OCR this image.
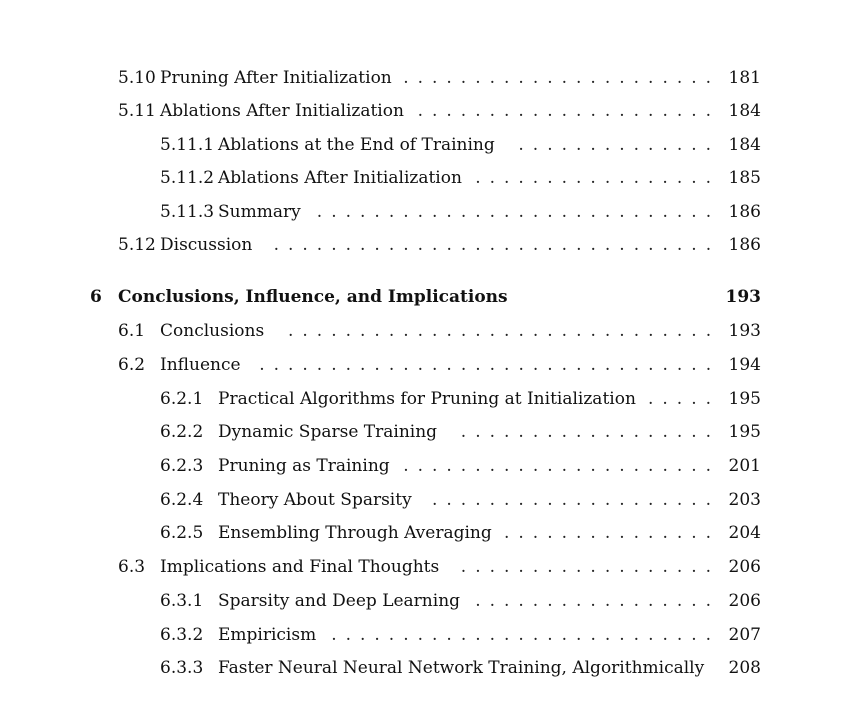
5.10 Pruning After Initialization ...................... 181
5.11 Ablations After Initialization ..................... 184
5.11.1 Ablations at the End of Training	.............. 184
5.11.2 Ablations After Initialization ................. 185
5.11.3 Summary ............................ 186
5.12 Discussion	............................... 186
6 Conclusions, Influence, and Implications	193
6.1 Conclusions	.............................. 193
6.2 Influence	................................ 194
6.2.1 Practical Algorithms for Pruning at Initialization ..... 195
6.2.2 Dynamic Sparse Training	.................. 195
6.2.3 Pruning as Training ...................... 201
6.2.4 Theory About Sparsity	.................... 203
6.2.5 Ensembling Through Averaging ............... 204
6.3 Implications and Final Thoughts	.................. 206
6.3.1 Sparsity and Deep Learning ................. 206
6.3.2 Empiricism ........................... 207
6.3.3 Faster Neural Neural Network Training, Algorithmically	208
